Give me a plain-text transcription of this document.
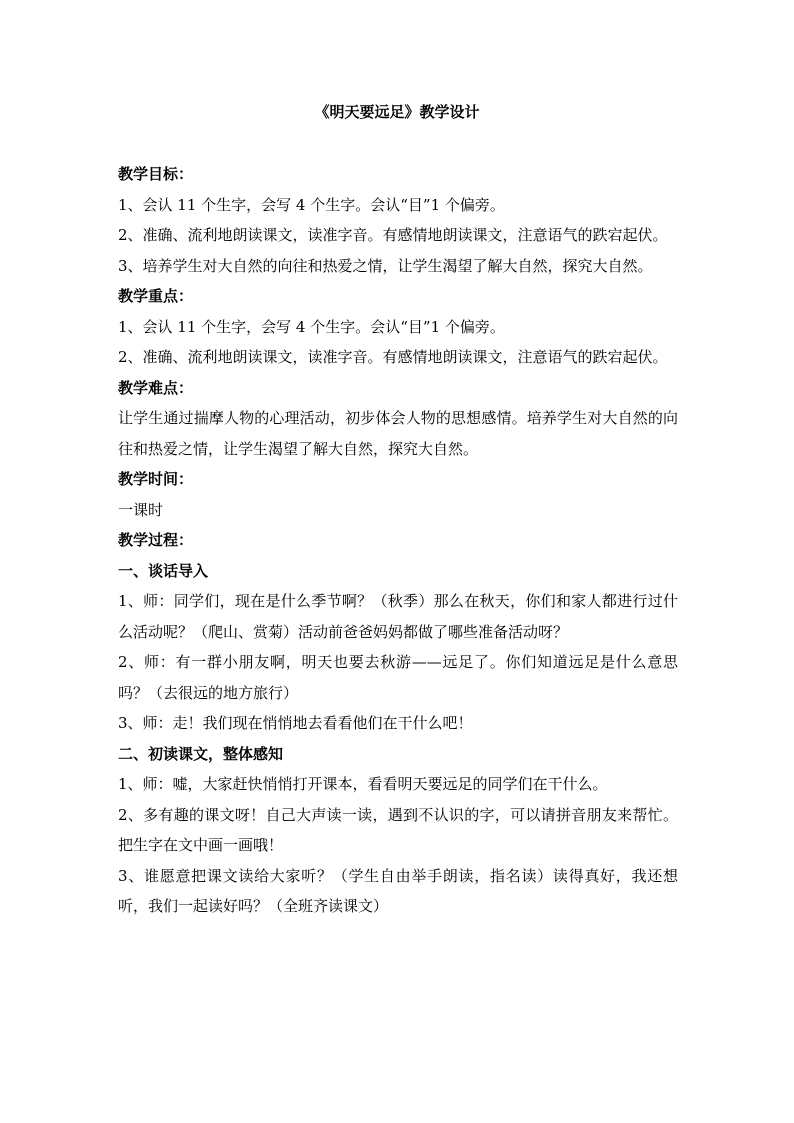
《明天要远足》教学设计

教学目标：

1、会认 11 个生字，会写 4 个生字。会认“目”1 个偏旁。

2、准确、流利地朗读课文，读准字音。有感情地朗读课文，注意语气的跌宕起伏。

3、培养学生对大自然的向往和热爱之情，让学生渴望了解大自然，探究大自然。

教学重点：

1、会认 11 个生字，会写 4 个生字。会认“目”1 个偏旁。

2、准确、流利地朗读课文，读准字音。有感情地朗读课文，注意语气的跌宕起伏。

教学难点：

让学生通过揣摩人物的心理活动，初步体会人物的思想感情。培养学生对大自然的向往和热爱之情，让学生渴望了解大自然，探究大自然。

教学时间：

一课时

教学过程：

一、谈话导入

1、师：同学们，现在是什么季节啊？（秋季）那么在秋天，你们和家人都进行过什么活动呢？（爬山、赏菊）活动前爸爸妈妈都做了哪些准备活动呀？

2、师：有一群小朋友啊，明天也要去秋游——远足了。你们知道远足是什么意思吗？（去很远的地方旅行）

3、师：走！我们现在悄悄地去看看他们在干什么吧！

二、初读课文，整体感知

1、师：嘘，大家赶快悄悄打开课本，看看明天要远足的同学们在干什么。

2、多有趣的课文呀！自己大声读一读，遇到不认识的字，可以请拼音朋友来帮忙。把生字在文中画一画哦！

3、谁愿意把课文读给大家听？（学生自由举手朗读，指名读）读得真好，我还想听，我们一起读好吗？（全班齐读课文）
